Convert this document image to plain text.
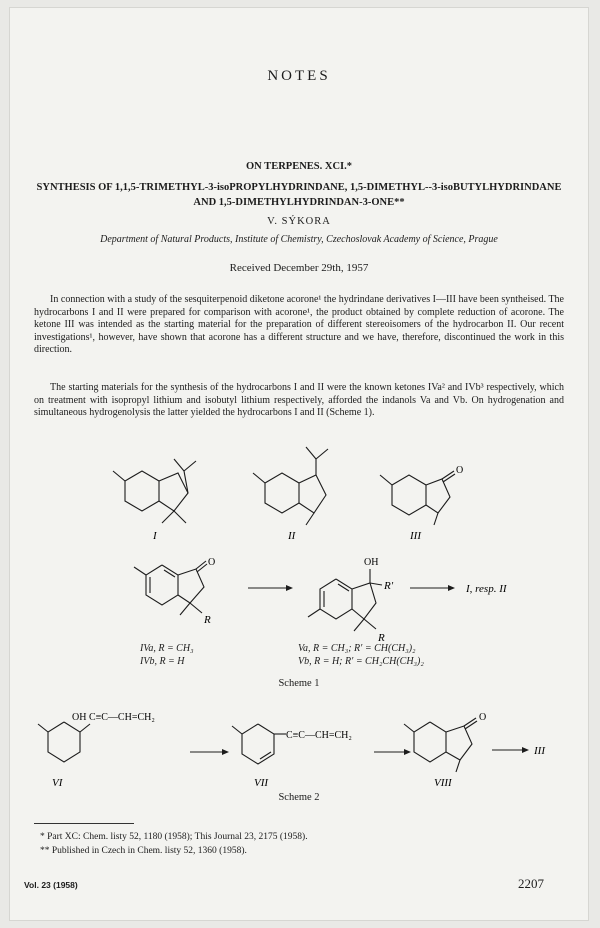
NOTES
ON TERPENES. XCI.*
SYNTHESIS OF 1,1,5-TRIMETHYL-3-isoPROPYLHYDRINDANE, 1,5-DIMETHYL--3-isoBUTYLHYDRINDANE AND 1,5-DIMETHYLHYDRINDAN-3-ONE**
V. SÝKORA
Department of Natural Products, Institute of Chemistry, Czechoslovak Academy of Science, Prague
Received December 29th, 1957
In connection with a study of the sesquiterpenoid diketone acorone¹ the hydrindane derivatives I—III have been syntheised. The hydrocarbons I and II were prepared for comparison with acorone¹, the product obtained by complete reduction of acorone. The ketone III was intended as the starting material for the preparation of different stereoisomers of the hydrocarbon II. Our recent investigations¹, however, have shown that acorone has a different structure and we have, therefore, discontinued the work in this direction.
The starting materials for the synthesis of the hydrocarbons I and II were the known ketones IVa² and IVb³ respectively, which on treatment with isopropyl lithium and isobutyl lithium respectively, afforded the indanols Va and Vb. On hydrogenation and simultaneous hydrogenolysis the latter yielded the hydrocarbons I and II (Scheme 1).
I	II
O
III
O
R
OH
R′
R
I, resp. II
IVa, R = CH₃
IVb, R = H
Va, R = CH₃; R′ = CH(CH₃)₂
Vb, R = H; R′ = CH₂CH(CH₃)₂
Scheme 1
OH C≡C—CH=CH₂
VI
C≡C—CH=CH₂
VII
O
VIII
III
Scheme 2
* Part XC: Chem. listy 52, 1180 (1958); This Journal 23, 2175 (1958).
** Published in Czech in Chem. listy 52, 1360 (1958).
Vol. 23 (1958)	2207
